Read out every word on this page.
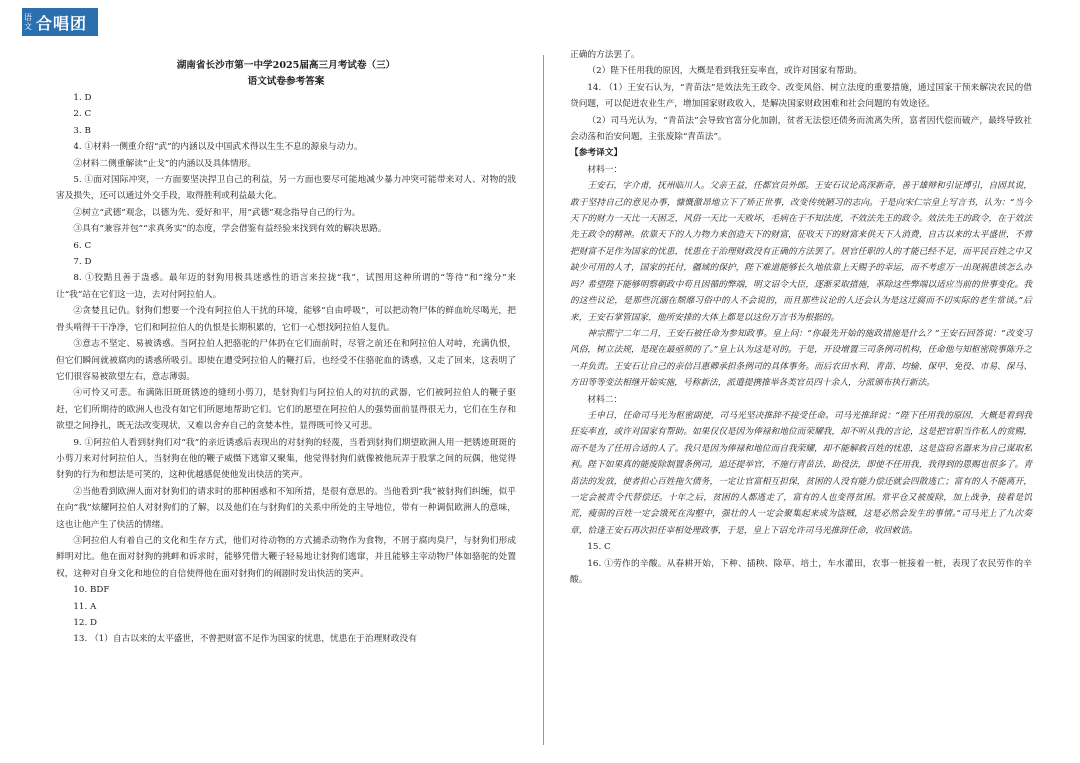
语文 合唱团

湖南省长沙市第一中学2025届高三月考试卷（三）

语文试卷参考答案

1. D

2. C

3. B

4. ①材料一侧重介绍“武”的内涵以及中国武术得以生生不息的源泉与动力。

②材料二侧重解读“止戈”的内涵以及具体情形。

5. ①面对国际冲突，一方面要坚决捍卫自己的利益，另一方面也要尽可能地减少暴力冲突可能带来对人、对物的戕害及损失，还可以通过外交手段，取得胜利或利益最大化。

②树立“武德”观念，以德为先、爱好和平，用“武德”观念指导自己的行为。

③具有“兼容并包”“求真务实”的态度，学会借鉴有益经验来找到有效的解决思路。

6. C

7. D

8. ①狡黠且善于蛊惑。最年迈的豺狗用极具迷惑性的语言来拉拢“我”，试图用这种所谓的“等待”和“缘分”来让“我”站在它们这一边，去对付阿拉伯人。

②贪婪且记仇。豺狗们想要一个没有阿拉伯人干扰的环境，能够“自由呼吸”，可以把动物尸体的鲜血吮尽喝光，把骨头啃得干干净净，它们和阿拉伯人的仇恨是长期积累的，它们一心想找阿拉伯人复仇。

③意志不坚定、易被诱惑。当阿拉伯人把骆驼的尸体扔在它们面前时，尽管之前还在和阿拉伯人对峙，充满仇恨，但它们瞬间就被腐肉的诱惑所吸引。即使在遭受阿拉伯人的鞭打后，也经受不住骆驼血的诱惑，又走了回来，这表明了它们很容易被欲望左右，意志薄弱。

④可怜又可悲。布满陈旧斑斑锈迹的缝纫小剪刀，是豺狗们与阿拉伯人的对抗的武器，它们被阿拉伯人的鞭子驱赶，它们所期待的欧洲人也没有如它们所愿地帮助它们。它们的愿望在阿拉伯人的强势面前显得很无力，它们在生存和欲望之间挣扎，既无法改变现状，又难以舍弃自己的贪婪本性，显得既可怜又可悲。

9. ①阿拉伯人看到豺狗们对“我”的亲近诱惑后表现出的对豺狗的轻蔑，当看到豺狗们期望欧洲人用一把锈迹斑斑的小剪刀来对付阿拉伯人，当豺狗在他的鞭子威慑下逃窜又聚集，他觉得豺狗们就像被他玩弄于股掌之间的玩偶，他觉得豺狗的行为和想法是可笑的，这种优越感促使他发出快活的笑声。

②当他看到欧洲人面对豺狗们的请求时的那种困惑和不知所措，是很有意思的。当他看到“我”被豺狗们纠缠，似乎在向“我”炫耀阿拉伯人对豺狗们的了解，以及他们在与豺狗们的关系中所处的主导地位，带有一种调侃欧洲人的意味，这也让他产生了快活的情绪。

③阿拉伯人有着自己的文化和生存方式，他们对待动物的方式捕杀动物作为食物，不屑于腐肉臭尸，与豺狗们形成鲜明对比。他在面对豺狗的挑衅和诉求时，能够凭借大鞭子轻易地让豺狗们逃窜，并且能够主宰动物尸体如骆驼的处置权，这种对自身文化和地位的自信使得他在面对豺狗们的闹剧时发出快活的笑声。

10. BDF

11. A

12. D

13. （1）自古以来的太平盛世，不曾把财富不足作为国家的忧患，忧患在于治理财政没有

正确的方法罢了。

（2）陛下任用我的原因，大概是看到我狂妄率直，或许对国家有帮助。

14. （1）王安石认为，“青苗法”是效法先王政令、改变风俗、树立法度的重要措施，通过国家干预来解决农民的借贷问题，可以促进农业生产，增加国家财政收入，是解决国家财政困难和社会问题的有效途径。

（2）司马光认为，“青苗法”会导致官富分化加剧，贫者无法偿还债务而流离失所，富者因代偿而破产，最终导致社会动荡和治安问题，主张废除“青苗法”。

【参考译文】

材料一：

王安石，字介甫，抚州临川人。父亲王益，任都官员外郎。王安石议论高深新奇，善于雄辩和引证博引，自固其说，敢于坚持自己的意见办事，慷慨激昂地立下了矫正世事，改变传统陋习的志向。于是向宋仁宗皇上写言书，认为：“当今天下的财力一天比一天困乏，风俗一天比一天败坏，毛病在于不知法度，不效法先王的政令。效法先王的政令，在于效法先王政令的精神。依靠天下的人力物力来创造天下的财富，征收天下的财富来供天下人消费，自古以来的太平盛世，不曾把财富不足作为国家的忧患，忧患在于治理财政没有正确的方法罢了。居官任职的人的才能已经不足，而平民百姓之中又缺少可用的人才，国家的托付，疆域的保护，陛下难道能够长久地依靠上天赐予的幸运，而不考虑万一出现祸患该怎么办吗？希望陛下能够明察朝政中苟且因循的弊端，明文诏令大臣，逐渐采取措施，革除这些弊端以适应当前的世事变化。我的这些议论，是那些沉溺在颓靡习俗中的人不会说的，而且那些议论的人还会认为是这迂腐而不切实际的老生常谈。”后来，王安石掌管国家，他所安排的大体上都是以这份万言书为根据的。

神宗熙宁二年二月，王安石被任命为参知政事。皇上问：“你最先开始的施政措施是什么？”王安石回答说：“改变习风俗，树立法规，是现在最亟须的了。”皇上认为这是对的。于是，开设增置三司条例司机构，任命他与知枢密院事陈升之一并负责。王安石让自己的亲信吕惠卿承担条例司的具体事务。而后农田水利、青苗、均输、保甲、免役、市易、保马、方田等等变法相继开始实施，号称新法，派遣提携推举各类官员四十余人，分派颁布执行新法。

材料二：

壬申日，任命司马光为枢密副使，司马光坚决推辞不接受任命。司马光推辞说：“陛下任用我的原因，大概是看到我狂妄率直，或许对国家有帮助。如果仅仅是因为俸禄和地位而荣耀我，却不听从我的言论，这是把官职当作私人的赏赐，而不是为了任用合适的人了。我只是因为俸禄和地位而自我荣耀，却不能解救百姓的忧患，这是盗窃名器来为自己谋取私利。陛下如果真的能废除制置条例司，追还提举官，不施行青苗法、助役法，即使不任用我，我得到的恩赐也很多了。青苗法的发放，使者担心百姓拖欠债务，一定让官富相互担保，贫困的人没有能力偿还就会四散逃亡；富有的人不能离开，一定会被责令代替偿还。十年之后，贫困的人都逃走了，富有的人也变得贫困。常平仓又被废除，加上战争，接着是饥荒，瘦弱的百姓一定会饿死在沟壑中，强壮的人一定会聚集起来成为盗贼，这是必然会发生的事情。”司马光上了九次奏章，恰逢王安石再次担任宰相处理政事，于是，皇上下诏允许司马光推辞任命，收回敕诰。

15. C

16. ①劳作的辛酸。从春耕开始，下种、插秧、除草、培土，车水灌田，农事一桩接着一桩，表现了农民劳作的辛酸。
